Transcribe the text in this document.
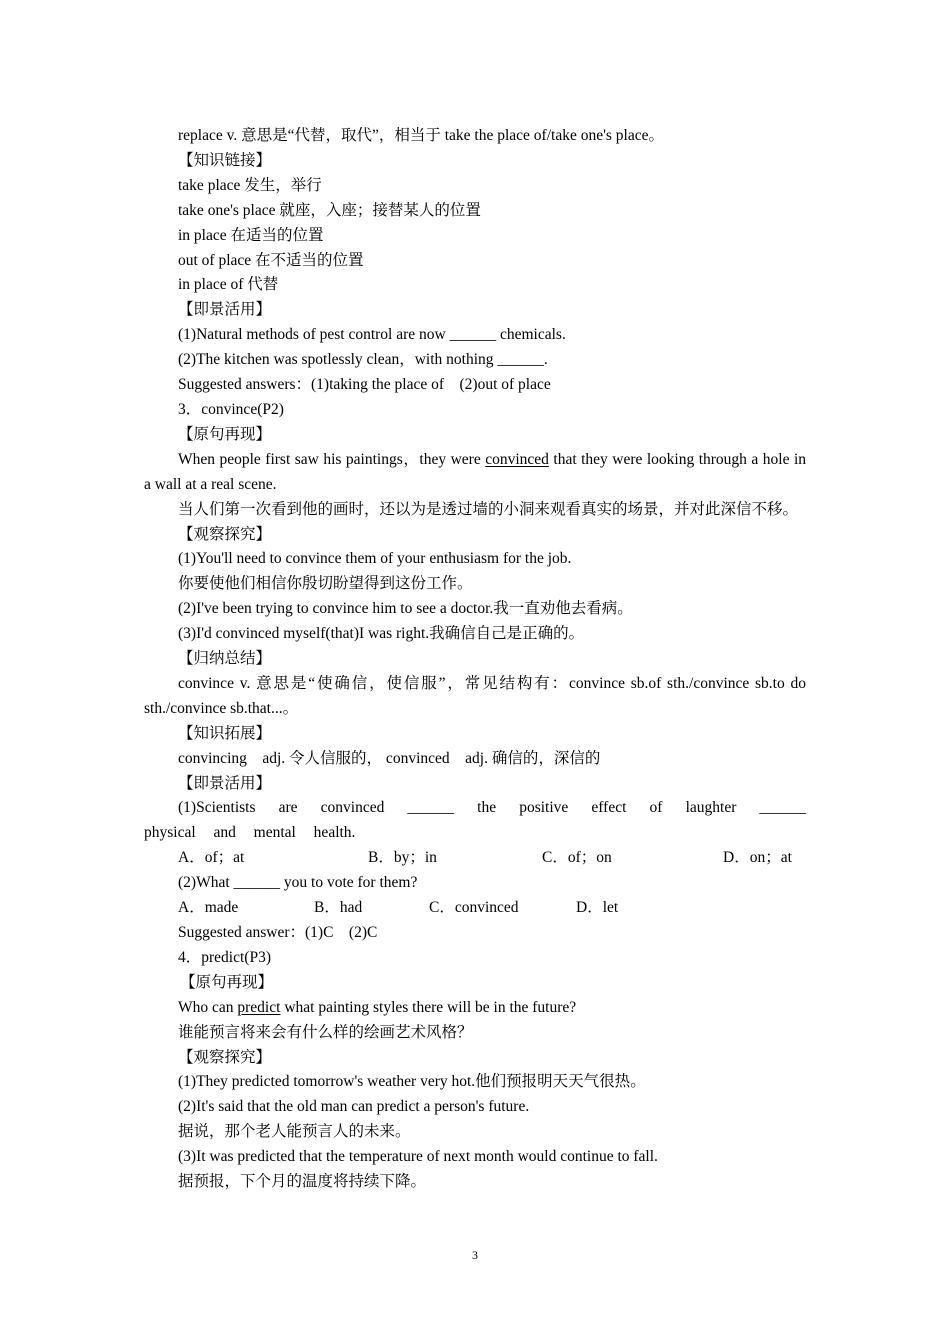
replace v. 意思是“代替，取代”，相当于 take the place of/take one's place。

【知识链接】

take place 发生，举行

take one's place 就座，入座；接替某人的位置

in place 在适当的位置

out of place 在不适当的位置

in place of 代替

【即景活用】

(1)Natural methods of pest control are now ______ chemicals.

(2)The kitchen was spotlessly clean，with nothing ______.

Suggested answers：(1)taking the place of　(2)out of place

3．convince(P2)

【原句再现】

When people first saw his paintings，they were convinced that they were looking through a hole in a wall at a real scene.

当人们第一次看到他的画时，还以为是透过墙的小洞来观看真实的场景，并对此深信不移。

【观察探究】

(1)You'll need to convince them of your enthusiasm for the job.

你要使他们相信你殷切盼望得到这份工作。

(2)I've been trying to convince him to see a doctor.我一直劝他去看病。

(3)I'd convinced myself(that)I was right.我确信自己是正确的。

【归纳总结】

convince v. 意思是“使确信，使信服”，常见结构有：convince sb.of sth./convince sb.to do sth./convince sb.that...。

【知识拓展】

convincing　adj. 令人信服的， convinced　adj. 确信的，深信的

【即景活用】

(1)Scientists are convinced ______ the positive effect of laughter ______ physical and mental health.

A．of；at	B．by；in	C．of；on	D．on；at

(2)What ______ you to vote for them?

A．made	B．had	C．convinced	D．let

Suggested answer：(1)C　(2)C

4．predict(P3)

【原句再现】

Who can predict what painting styles there will be in the future?

谁能预言将来会有什么样的绘画艺术风格？

【观察探究】

(1)They predicted tomorrow's weather very hot.他们预报明天天气很热。

(2)It's said that the old man can predict a person's future.

据说，那个老人能预言人的未来。

(3)It was predicted that the temperature of next month would continue to fall.

据预报，下个月的温度将持续下降。

3
